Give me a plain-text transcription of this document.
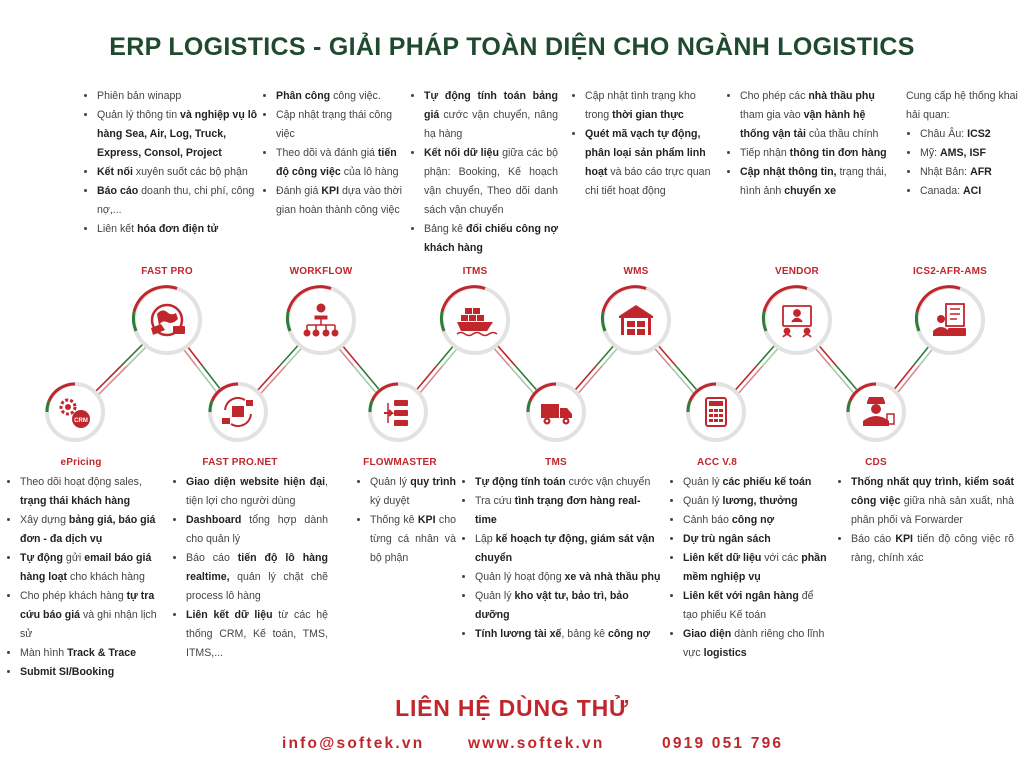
ERP LOGISTICS - GIẢI PHÁP TOÀN DIỆN CHO NGÀNH LOGISTICS
• Phiên bản winapp
• Quản lý thông tin và nghiệp vụ lô hàng Sea, Air, Log, Truck, Express, Consol, Project
• Kết nối xuyên suốt các bộ phận
• Báo cáo doanh thu, chi phí, công nợ,...
• Liên kết hóa đơn điện tử
• Phân công công việc.
• Cập nhật trạng thái công việc
• Theo dõi và đánh giá tiến độ công việc của lô hàng
• Đánh giá KPI dựa vào thời gian hoàn thành công việc
• Tự động tính toán bảng giá cước vận chuyển, nâng hạ hàng
• Kết nối dữ liệu giữa các bộ phận: Booking, Kế hoạch vận chuyển, Theo dõi danh sách vận chuyển
• Bảng kê đối chiếu công nợ khách hàng
• Cập nhật tình trạng kho trong thời gian thực
• Quét mã vạch tự động, phân loại sản phẩm linh hoạt và báo cáo trực quan chi tiết hoạt động
• Cho phép các nhà thầu phụ tham gia vào vận hành hệ thống vận tải của thầu chính
• Tiếp nhận thông tin đơn hàng
• Cập nhật thông tin, trạng thái, hình ảnh chuyển xe
Cung cấp hệ thống khai hải quan:
• Châu Âu: ICS2
• Mỹ: AMS, ISF
• Nhật Bản: AFR
• Canada: ACI
• Theo dõi hoạt động sales, trạng thái khách hàng
• Xây dựng bảng giá, báo giá đơn - đa dịch vụ
• Tự động gửi email báo giá hàng loạt cho khách hàng
• Cho phép khách hàng tự tra cứu báo giá và ghi nhận lịch sử
• Màn hình Track & Trace
• Submit SI/Booking
• Giao diện website hiện đại, tiện lợi cho người dùng
• Dashboard tổng hợp dành cho quản lý
• Báo cáo tiến độ lô hàng realtime, quản lý chặt chẽ process lô hàng
• Liên kết dữ liệu từ các hệ thống CRM, Kế toán, TMS, ITMS,...
• Quản lý quy trình ký duyệt
• Thống kê KPI cho từng cá nhân và bộ phận
• Tự động tính toán cước vận chuyển
• Tra cứu tình trạng đơn hàng real-time
• Lập kế hoạch tự động, giám sát vận chuyển
• Quản lý hoạt động xe và nhà thầu phụ
• Quản lý kho vật tư, bảo trì, bảo dưỡng
• Tính lương tài xế, bảng kê công nợ
• Quản lý các phiếu kế toán
• Quản lý lương, thưởng
• Cảnh báo công nợ
• Dự trù ngân sách
• Liên kết dữ liệu với các phần mềm nghiệp vụ
• Liên kết với ngân hàng để tạo phiếu Kế toán
• Giao diện dành riêng cho lĩnh vực logistics
• Thống nhất quy trình, kiểm soát công việc giữa nhà sản xuất, nhà phân phối và Forwarder
• Báo cáo KPI tiến độ công việc rõ ràng, chính xác
CRM
FAST PRO	WORKFLOW	ITMS	WMS	VENDOR	ICS2-AFR-AMS
ePricing	FAST PRO.NET	FLOWMASTER	TMS	ACC V.8	CDS
LIÊN HỆ DÙNG THỬ
info@softek.vn	www.softek.vn	0919 051 796
